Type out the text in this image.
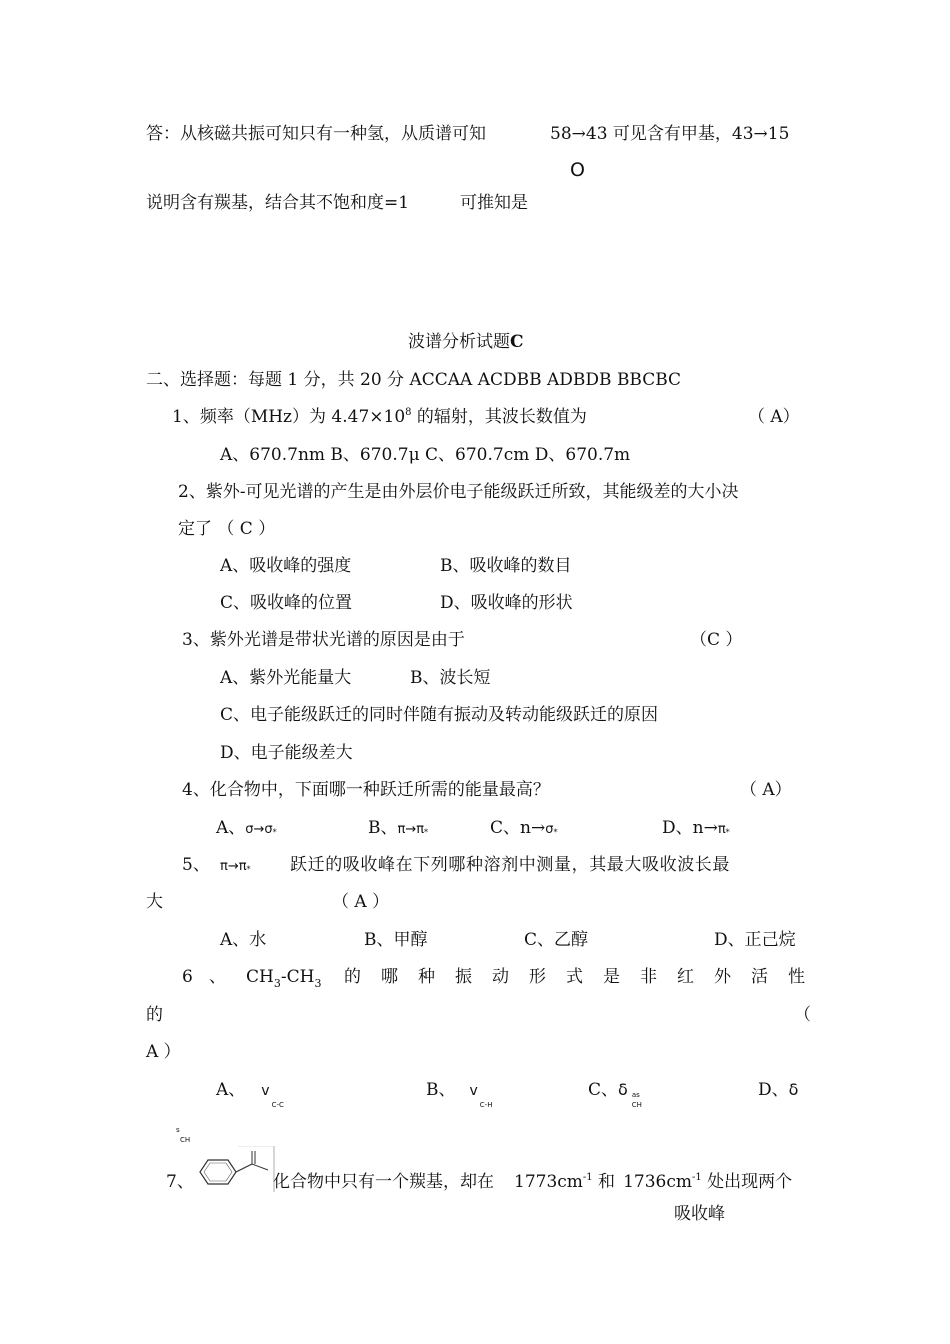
答：从核磁共振可知只有一种氢，从质谱可知	58→43 可见含有甲基，43→15
O
说明含有羰基，结合其不饱和度=1	可推知是
波谱分析试题C
二、选择题：每题 1 分，共 20 分 ACCAA ACDBB ADBDB BBCBC
1、频率（MHz）为 $4.47\times 10^8$ 的辐射，其波长数值为	（ A）
A、670.7nm B、670.7μ C、670.7cm D、670.7m
2、紫外-可见光谱的产生是由外层价电子能级跃迁所致，其能级差的大小决
定了 （ C ）
A、吸收峰的强度	B、吸收峰的数目
C、吸收峰的位置	D、吸收峰的形状
3、紫外光谱是带状光谱的原因是由于	（C ）
A、紫外光能量大	B、波长短
C、电子能级跃迁的同时伴随有振动及转动能级跃迁的原因
D、电子能级差大
4、化合物中，下面哪一种跃迁所需的能量最高？	（ A）
A、σ→σ*	B、π→π*	C、n→σ*	D、n→π*
5、 π→π* 跃迁的吸收峰在下列哪种溶剂中测量，其最大吸收波长最
大	（ A ）
A、水	B、甲醇	C、乙醇	D、正己烷
6 、 $CH_3-CH_3$ 的 哪 种 振 动 形 式 是 非 红 外 活 性
的	（
A ）
A、 $v_{C-C}$
B、 $v_{C-H}$
C、δ $as_{CH}$
D、δ
s
CH
7、	化合物中只有一个羰基，却在 $1773cm^{-1}$ 和 $1736cm^{-1}$ 处出现两个
吸收峰
